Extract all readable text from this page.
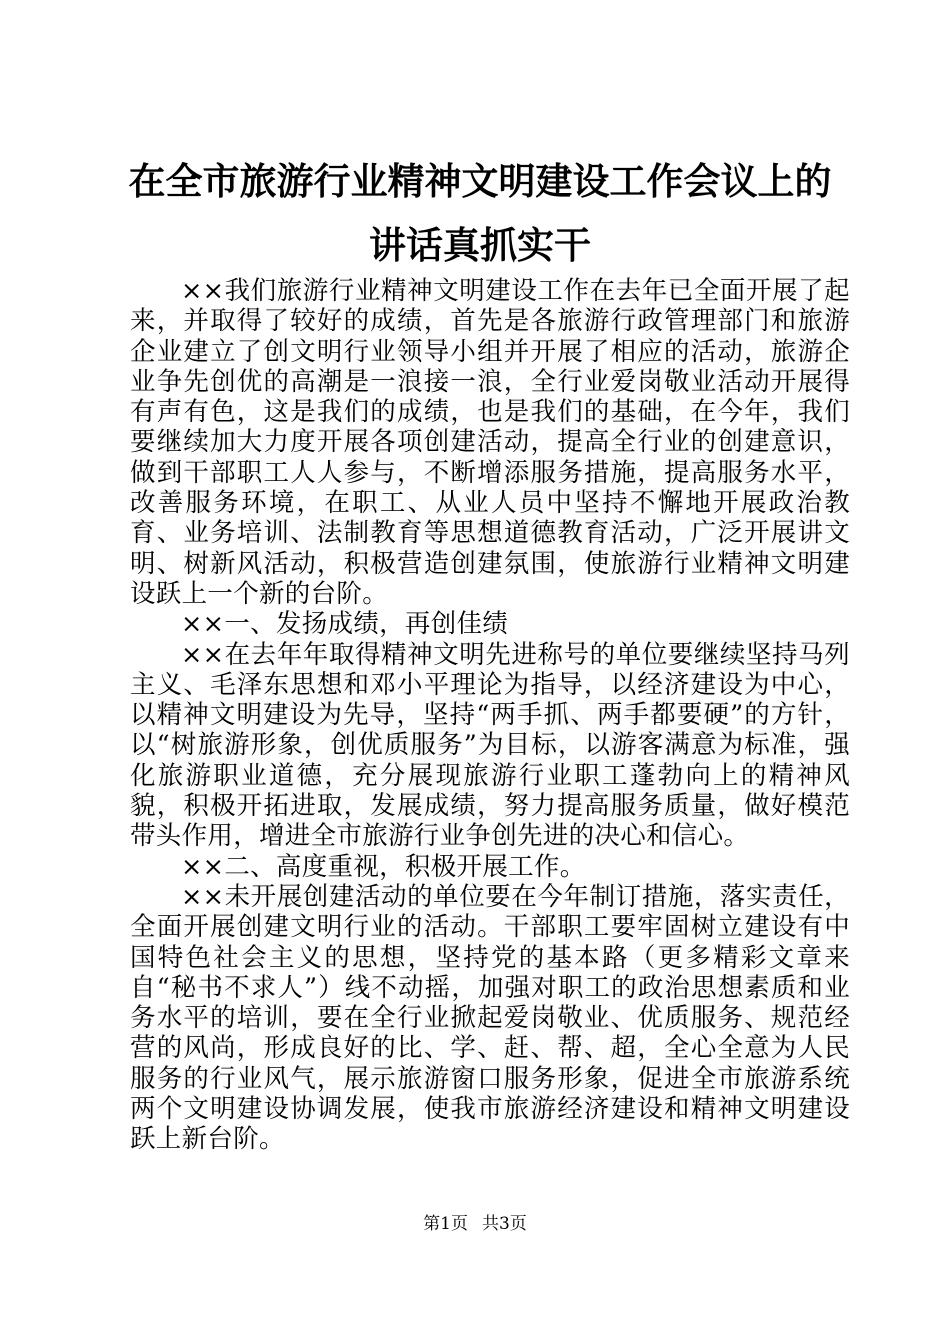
在全市旅游行业精神文明建设工作会议上的讲话真抓实干

××我们旅游行业精神文明建设工作在去年已全面开展了起来，并取得了较好的成绩，首先是各旅游行政管理部门和旅游企业建立了创文明行业领导小组并开展了相应的活动，旅游企业争先创优的高潮是一浪接一浪，全行业爱岗敬业活动开展得有声有色，这是我们的成绩，也是我们的基础，在今年，我们要继续加大力度开展各项创建活动，提高全行业的创建意识，做到干部职工人人参与，不断增添服务措施，提高服务水平，改善服务环境，在职工、从业人员中坚持不懈地开展政治教育、业务培训、法制教育等思想道德教育活动，广泛开展讲文明、树新风活动，积极营造创建氛围，使旅游行业精神文明建设跃上一个新的台阶。

××一、发扬成绩，再创佳绩

××在去年年取得精神文明先进称号的单位要继续坚持马列主义、毛泽东思想和邓小平理论为指导，以经济建设为中心，以精神文明建设为先导，坚持“两手抓、两手都要硬”的方针，以“树旅游形象，创优质服务”为目标，以游客满意为标准，强化旅游职业道德，充分展现旅游行业职工蓬勃向上的精神风貌，积极开拓进取，发展成绩，努力提高服务质量，做好模范带头作用，增进全市旅游行业争创先进的决心和信心。

××二、高度重视，积极开展工作。

××未开展创建活动的单位要在今年制订措施，落实责任，全面开展创建文明行业的活动。干部职工要牢固树立建设有中国特色社会主义的思想，坚持党的基本路（更多精彩文章来自“秘书不求人”）线不动摇，加强对职工的政治思想素质和业务水平的培训，要在全行业掀起爱岗敬业、优质服务、规范经营的风尚，形成良好的比、学、赶、帮、超，全心全意为人民服务的行业风气，展示旅游窗口服务形象，促进全市旅游系统两个文明建设协调发展，使我市旅游经济建设和精神文明建设跃上新台阶。

第1页 共3页
